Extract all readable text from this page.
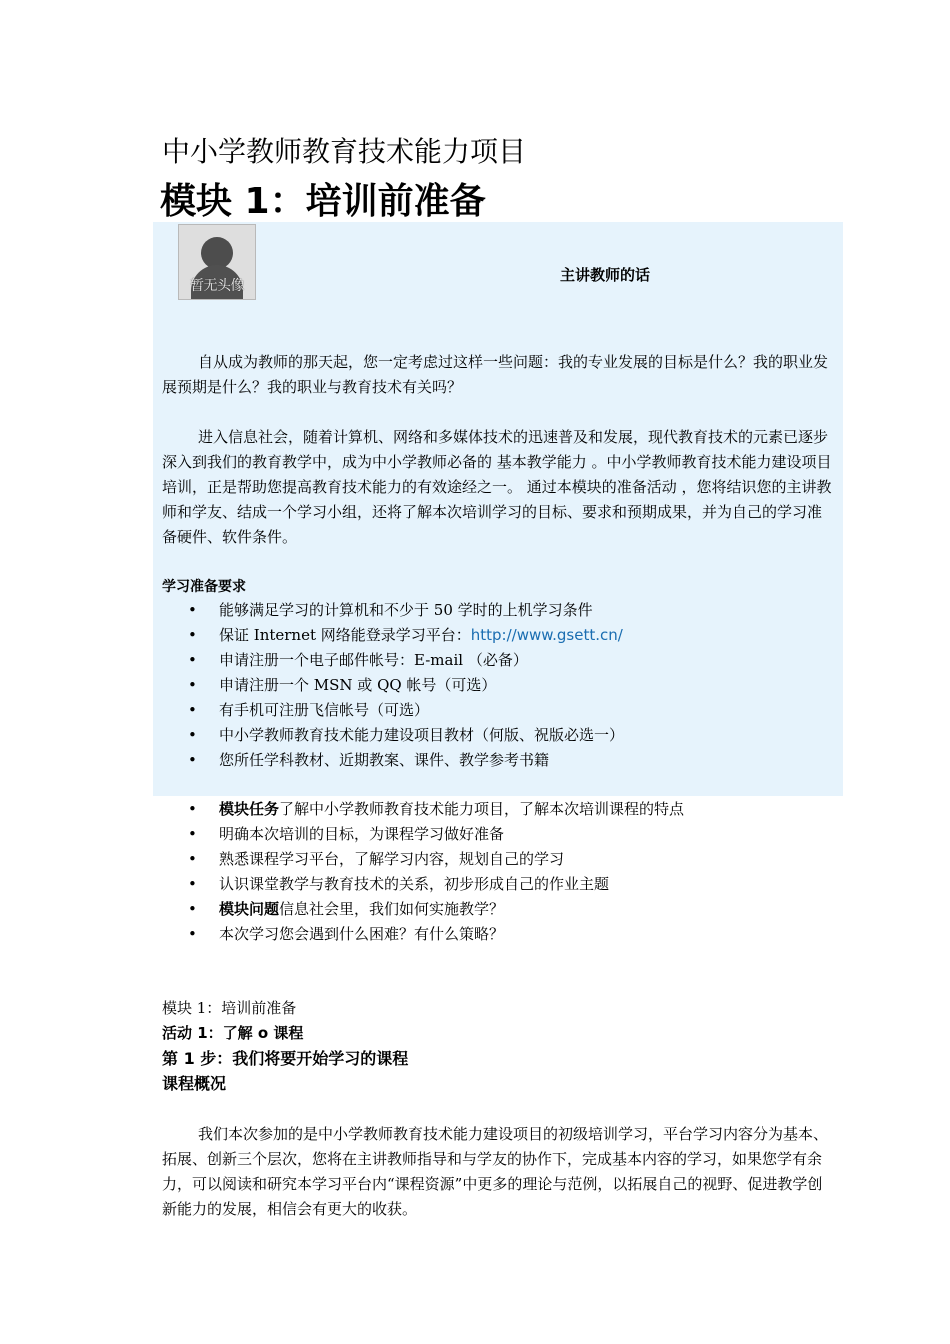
中小学教师教育技术能力项目
模块 1：培训前准备
暂无头像
主讲教师的话

自从成为教师的那天起，您一定考虑过这样一些问题：我的专业发展的目标是什么？我的职业发展预期是什么？我的职业与教育技术有关吗？

进入信息社会，随着计算机、网络和多媒体技术的迅速普及和发展，现代教育技术的元素已逐步深入到我们的教育教学中，成为中小学教师必备的 基本教学能力 。中小学教师教育技术能力建设项目培训，正是帮助您提高教育技术能力的有效途经之一。 通过本模块的准备活动 ，您将结识您的主讲教师和学友、结成一个学习小组，还将了解本次培训学习的目标、要求和预期成果，并为自己的学习准备硬件、软件条件。

学习准备要求
• 能够满足学习的计算机和不少于 50 学时的上机学习条件
• 保证 Internet 网络能登录学习平台：http://www.gsett.cn/
• 申请注册一个电子邮件帐号：E-mail （必备）
• 申请注册一个 MSN 或 QQ 帐号（可选）
• 有手机可注册飞信帐号（可选）
• 中小学教师教育技术能力建设项目教材（何版、祝版必选一）
• 您所任学科教材、近期教案、课件、教学参考书籍
• 模块任务了解中小学教师教育技术能力项目，了解本次培训课程的特点
• 明确本次培训的目标，为课程学习做好准备
• 熟悉课程学习平台，了解学习内容，规划自己的学习
• 认识课堂教学与教育技术的关系，初步形成自己的作业主题
• 模块问题信息社会里，我们如何实施教学？
• 本次学习您会遇到什么困难？有什么策略？
模块 1：培训前准备
活动 1：了解 o 课程
第 1 步：我们将要开始学习的课程
课程概况

我们本次参加的是中小学教师教育技术能力建设项目的初级培训学习，平台学习内容分为基本、拓展、创新三个层次，您将在主讲教师指导和与学友的协作下，完成基本内容的学习，如果您学有余力，可以阅读和研究本学习平台内“课程资源”中更多的理论与范例，以拓展自己的视野、促进教学创新能力的发展，相信会有更大的收获。
